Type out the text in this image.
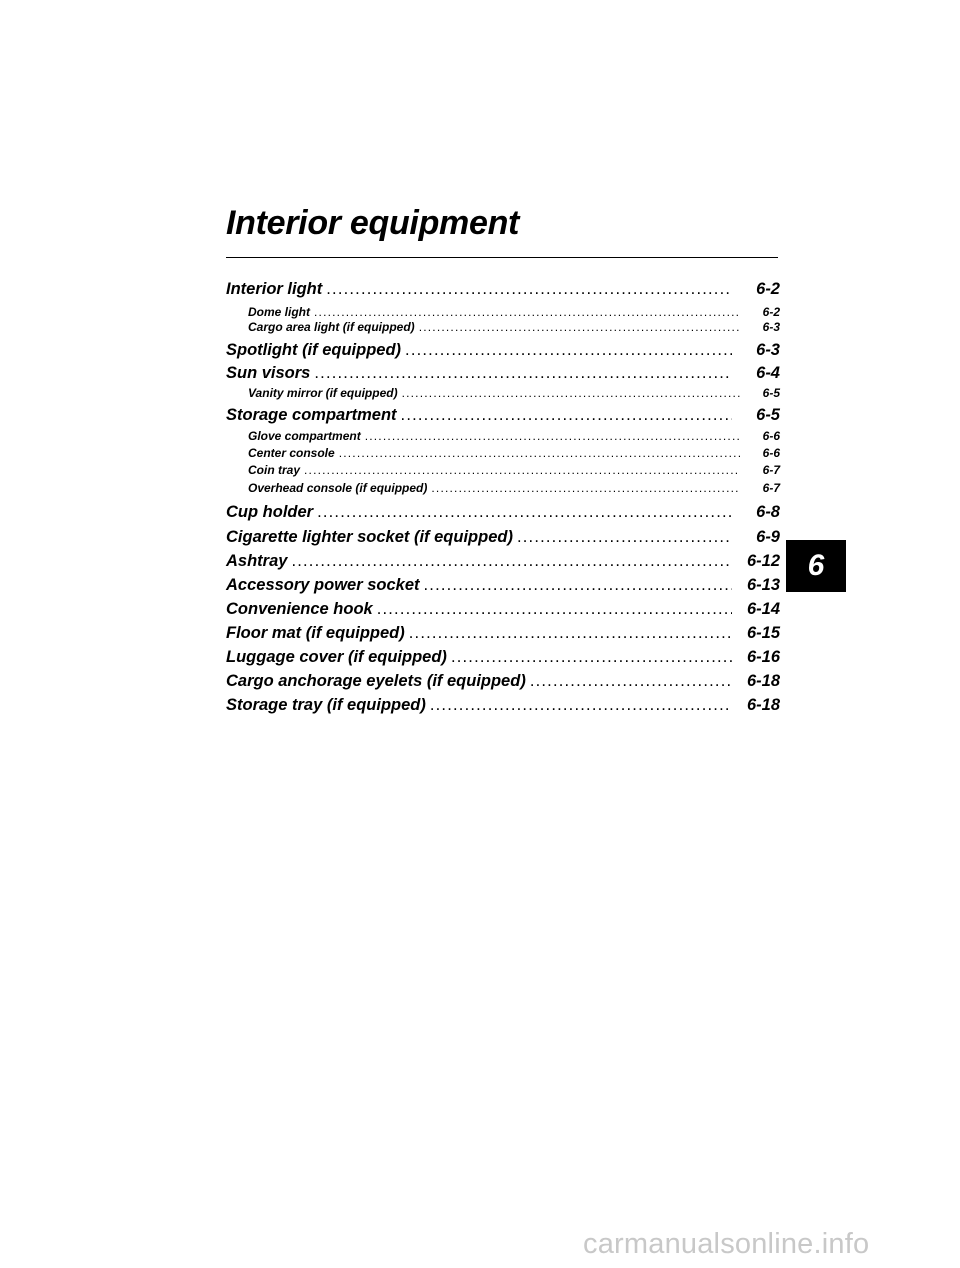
Interior equipment
Interior light .....	6-2
Dome light .....	6-2
Cargo area light (if equipped) .....	6-3
Spotlight (if equipped) .....	6-3
Sun visors .....	6-4
Vanity mirror (if equipped) .....	6-5
Storage compartment .....	6-5
Glove compartment .....	6-6
Center console .....	6-6
Coin tray .....	6-7
Overhead console (if equipped) .....	6-7
Cup holder .....	6-8
Cigarette lighter socket (if equipped) .....	6-9
Ashtray .....	6-12
Accessory power socket .....	6-13
Convenience hook .....	6-14
Floor mat (if equipped) .....	6-15
Luggage cover (if equipped) .....	6-16
Cargo anchorage eyelets (if equipped) .....	6-18
Storage tray (if equipped) .....	6-18
6
carmanualsonline.info
